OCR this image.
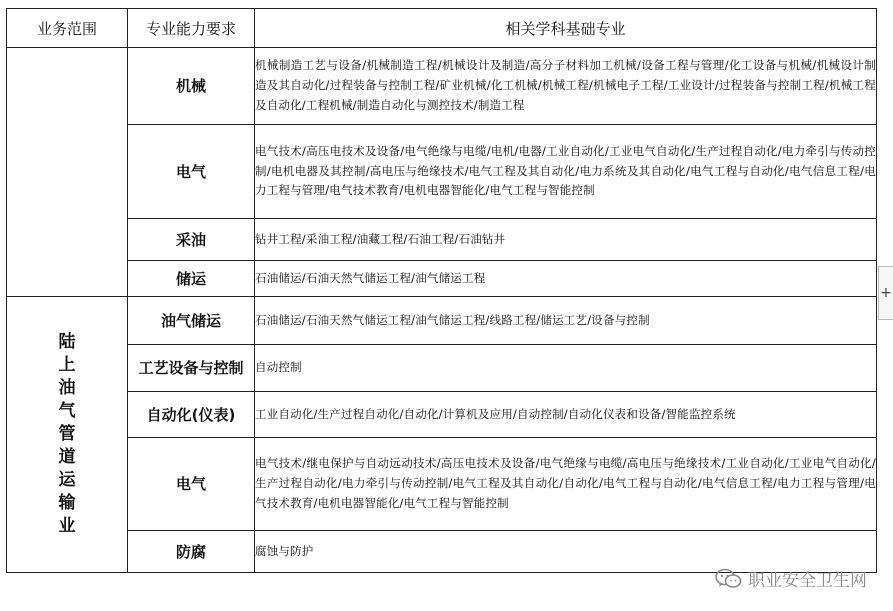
业务范围	专业能力要求	相关学科基础专业
	机械	机械制造工艺与设备/机械制造工程/机械设计及制造/高分子材料加工机械/设备工程与管理/化工设备与机械/机械设计制造及其自动化/过程装备与控制工程/矿业机械/化工机械/机械工程/机械电子工程/工业设计/过程装备与控制工程/机械工程及自动化/工程机械/制造自动化与测控技术/制造工程
	电气	电气技术/高压电技术及设备/电气绝缘与电缆/电机/电器/工业自动化/工业电气自动化/生产过程自动化/电力牵引与传动控制/电机电器及其控制/高电压与绝缘技术/电气工程及其自动化/电力系统及其自动化/电气工程与自动化/电气信息工程/电力工程与管理/电气技术教育/电机电器智能化/电气工程与智能控制
	采油	钻井工程/采油工程/油藏工程/石油工程/石油钻井
	储运	石油储运/石油天然气储运工程/油气储运工程
陆上油气管道运输业	油气储运	石油储运/石油天然气储运工程/油气储运工程/线路工程/储运工艺/设备与控制
	工艺设备与控制	自动控制
	自动化(仪表)	工业自动化/生产过程自动化/自动化/计算机及应用/自动控制/自动化仪表和设备/智能监控系统
	电气	电气技术/继电保护与自动远动技术/高压电技术及设备/电气绝缘与电缆/高电压与绝缘技术/工业自动化/工业电气自动化/生产过程自动化/电力牵引与传动控制/电气工程及其自动化/自动化/电气工程与自动化/电气信息工程/电力工程与管理/电气技术教育/电机电器智能化/电气工程与智能控制
	防腐	腐蚀与防护
+
职业安全卫生网
